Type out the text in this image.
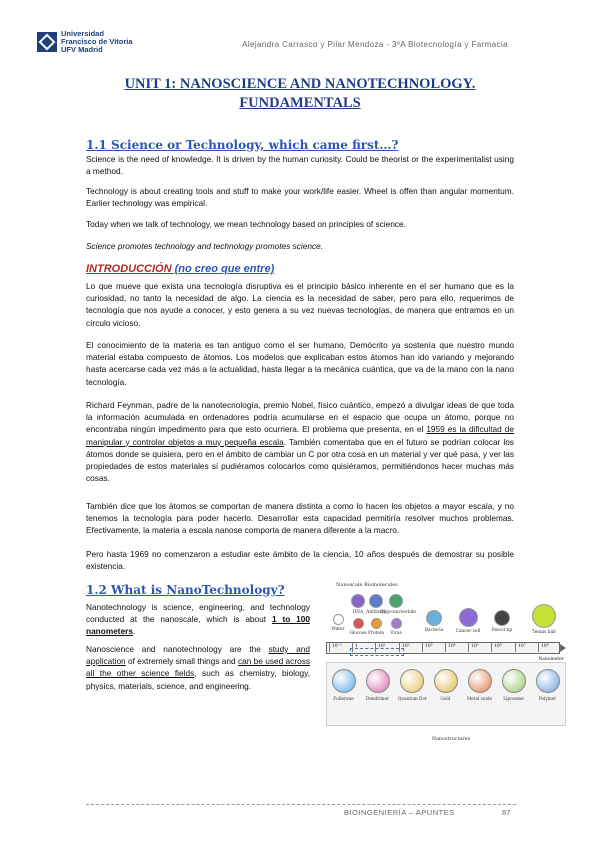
Universidad
Francisco de Vitoria
UFV Madrid
Alejandra Carrasco y Pilar Mendoza - 3ºA Biotecnología y Farmacia
UNIT 1: NANOSCIENCE AND NANOTECHNOLOGY.
FUNDAMENTALS
1.1 Science or Technology, which came first…?

Science is the need of knowledge. It is driven by the human curiosity. Could be theorist or the experimentalist using a method.

Technology is about creating tools and stuff to make your work/life easier. Wheel is offen than angular momentum. Earlier technology was empirical.

Today when we talk of technology, we mean technology based on principles of science.

Science promotes technology and technology promotes science.

INTRODUCCIÓN (no creo que entre)

Lo que mueve que exista una tecnología disruptiva es el principio básico inherente en el ser humano que es la curiosidad, no tanto la necesidad de algo. La ciencia es la necesidad de saber, pero para ello, requerimos de tecnología que nos ayude a conocer, y esto genera a su vez nuevas tecnologías, de manera que entramos en un círculo vicioso.

El conocimiento de la materia es tan antiguo como el ser humano, Demócrito ya sostenía que nuestro mundo material estaba compuesto de átomos. Los modelos que explicaban estos átomos han ido variando y mejorando hasta acercarse cada vez más a la actualidad, hasta llegar a la mecánica cuántica, que va de la mano con la nano tecnología.

Richard Feynman, padre de la nanotecnología, premio Nobel, físico cuántico, empezó a divulgar ideas de que toda la información acumulada en ordenadores podría acumularse en el espacio que ocupa un átomo, porque no encontraba ningún impedimento para que esto ocurriera. El problema que presenta, en el 1959 es la dificultad de manipular y controlar objetos a muy pequeña escala. También comentaba que en el futuro se podrían colocar los átomos donde se quisiera, pero en el ámbito de cambiar un C por otra cosa en un material y ver qué pasa, y ver las propiedades de estos materiales si pudiéramos colocarlos como quisiéramos, permitiéndonos hacer muchas más cosas.

También dice que los átomos se comportan de manera distinta a como lo hacen los objetos a mayor escala, y no tenemos la tecnología para poder hacerlo. Desarrollar esta capacidad permitiría resolver muchos problemas. Efectivamente, la materia a escala nanose comporta de manera diferente a la macro.

Pero hasta 1969 no comenzaron a estudiar este ámbito de la ciencia, 10 años después de demostrar su posible existencia.

1.2 What is NanoTechnology?

Nanotechnology is science, engineering, and technology conducted at the nanoscale, which is about 1 to 100 nanometers.

Nanoscience and nanotechnology are the study and application of extremely small things and can be used across all the other science fields, such as chemistry, biology, physics, materials, science, and engineering.

Nanoscale Biomolecules
Water
DNA Antibody
Oligo-nucleotide
Glucose Protein	Virus
Bacteria	Cancer cell	Pencil tip	Tennis ball
10⁻¹	1	10¹	10²	10³	10⁴	10⁵	10⁶	10⁷	10⁸
Nanometer
Fullerene	Dendrimer	Quantum Dot	Gold	Metal oxide	Liposome	Polymer
Nanostructures
BIOINGENIERÍA – APUNTES	87
